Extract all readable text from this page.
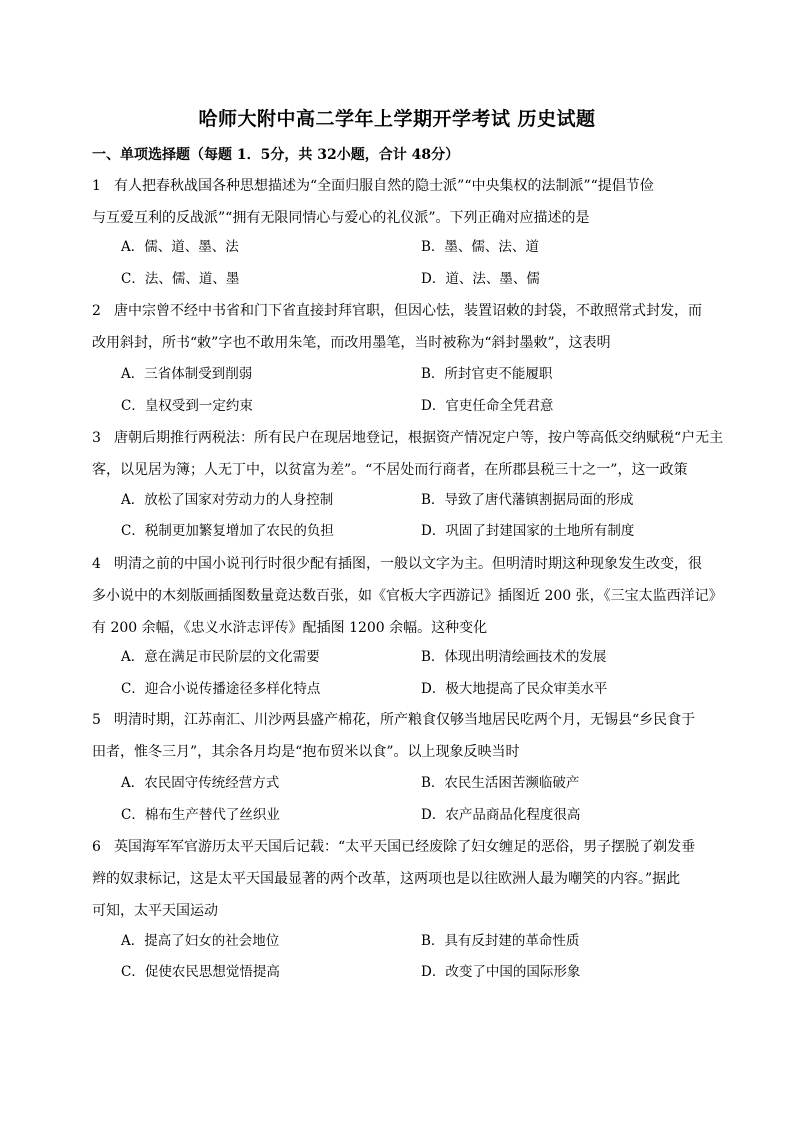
哈师大附中高二学年上学期开学考试 历史试题
一、单项选择题（每题 1．5分，共 32小题，合计 48分）
1 有人把春秋战国各种思想描述为“全面归服自然的隐士派”“中央集权的法制派”“提倡节俭
与互爱互利的反战派”“拥有无限同情心与爱心的礼仪派”。下列正确对应描述的是
A．儒、道、墨、法	B．墨、儒、法、道
C．法、儒、道、墨	D．道、法、墨、儒
2 唐中宗曾不经中书省和门下省直接封拜官职，但因心怯，装置诏敕的封袋，不敢照常式封发，而
改用斜封，所书“敕”字也不敢用朱笔，而改用墨笔，当时被称为“斜封墨敕”，这表明
A．三省体制受到削弱	B．所封官吏不能履职
C．皇权受到一定约束	D．官吏任命全凭君意
3 唐朝后期推行两税法：所有民户在现居地登记，根据资产情况定户等，按户等高低交纳赋税“户无主
客，以见居为簿；人无丁中，以贫富为差”。“不居处而行商者，在所郡县税三十之一”，这一政策
A．放松了国家对劳动力的人身控制	B．导致了唐代藩镇割据局面的形成
C．税制更加繁复增加了农民的负担	D．巩固了封建国家的土地所有制度
4 明清之前的中国小说刊行时很少配有插图，一般以文字为主。但明清时期这种现象发生改变，很
多小说中的木刻版画插图数量竟达数百张，如《官板大字西游记》插图近 200 张，《三宝太监西洋记》
有 200 余幅，《忠义水浒志评传》配插图 1200 余幅。这种变化
A．意在满足市民阶层的文化需要	B．体现出明清绘画技术的发展
C．迎合小说传播途径多样化特点	D．极大地提高了民众审美水平
5 明清时期，江苏南汇、川沙两县盛产棉花，所产粮食仅够当地居民吃两个月，无锡县“乡民食于
田者，惟冬三月”，其余各月均是“抱布贸米以食”。以上现象反映当时
A．农民固守传统经营方式	B．农民生活困苦濒临破产
C．棉布生产替代了丝织业	D．农产品商品化程度很高
6 英国海军军官游历太平天国后记载：“太平天国已经废除了妇女缠足的恶俗，男子摆脱了剃发垂
辫的奴隶标记，这是太平天国最显著的两个改革，这两项也是以往欧洲人最为嘲笑的内容。”据此
可知，太平天国运动
A．提高了妇女的社会地位	B．具有反封建的革命性质
C．促使农民思想觉悟提高	D．改变了中国的国际形象
